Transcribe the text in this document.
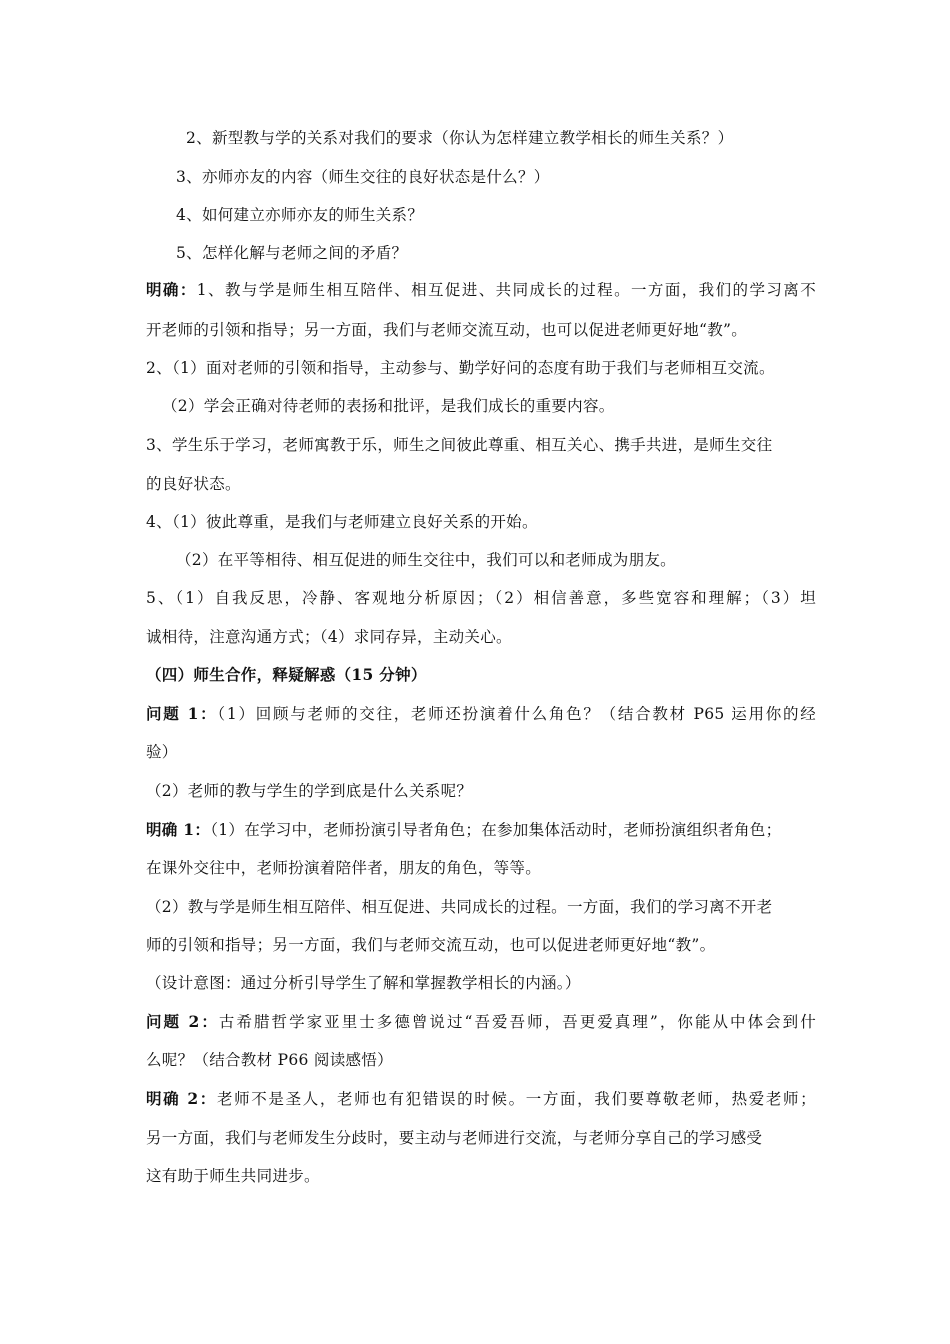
2、新型教与学的关系对我们的要求（你认为怎样建立教学相长的师生关系？）
3、亦师亦友的内容（师生交往的良好状态是什么？）
4、如何建立亦师亦友的师生关系？
5、怎样化解与老师之间的矛盾？
明确：1、教与学是师生相互陪伴、相互促进、共同成长的过程。一方面，我们的学习离不
开老师的引领和指导；另一方面，我们与老师交流互动，也可以促进老师更好地“教”。
2、（1）面对老师的引领和指导，主动参与、勤学好问的态度有助于我们与老师相互交流。
（2）学会正确对待老师的表扬和批评，是我们成长的重要内容。
3、学生乐于学习，老师寓教于乐，师生之间彼此尊重、相互关心、携手共进，是师生交往
的良好状态。
4、（1）彼此尊重，是我们与老师建立良好关系的开始。
（2）在平等相待、相互促进的师生交往中，我们可以和老师成为朋友。
5、（1）自我反思，冷静、客观地分析原因；（2）相信善意，多些宽容和理解；（3）坦
诚相待，注意沟通方式；（4）求同存异，主动关心。
（四）师生合作，释疑解惑（15 分钟）
问题 1：（1）回顾与老师的交往，老师还扮演着什么角色？（结合教材 P65 运用你的经
验）
（2）老师的教与学生的学到底是什么关系呢？
明确 1：（1）在学习中，老师扮演引导者角色；在参加集体活动时，老师扮演组织者角色；
在课外交往中，老师扮演着陪伴者，朋友的角色，等等。
（2）教与学是师生相互陪伴、相互促进、共同成长的过程。一方面，我们的学习离不开老
师的引领和指导；另一方面，我们与老师交流互动，也可以促进老师更好地“教”。
（设计意图：通过分析引导学生了解和掌握教学相长的内涵。）
问题 2：古希腊哲学家亚里士多德曾说过“吾爱吾师，吾更爱真理”，你能从中体会到什
么呢？（结合教材 P66 阅读感悟）
明确 2：老师不是圣人，老师也有犯错误的时候。一方面，我们要尊敬老师，热爱老师；
另一方面，我们与老师发生分歧时，要主动与老师进行交流，与老师分享自己的学习感受
这有助于师生共同进步。
